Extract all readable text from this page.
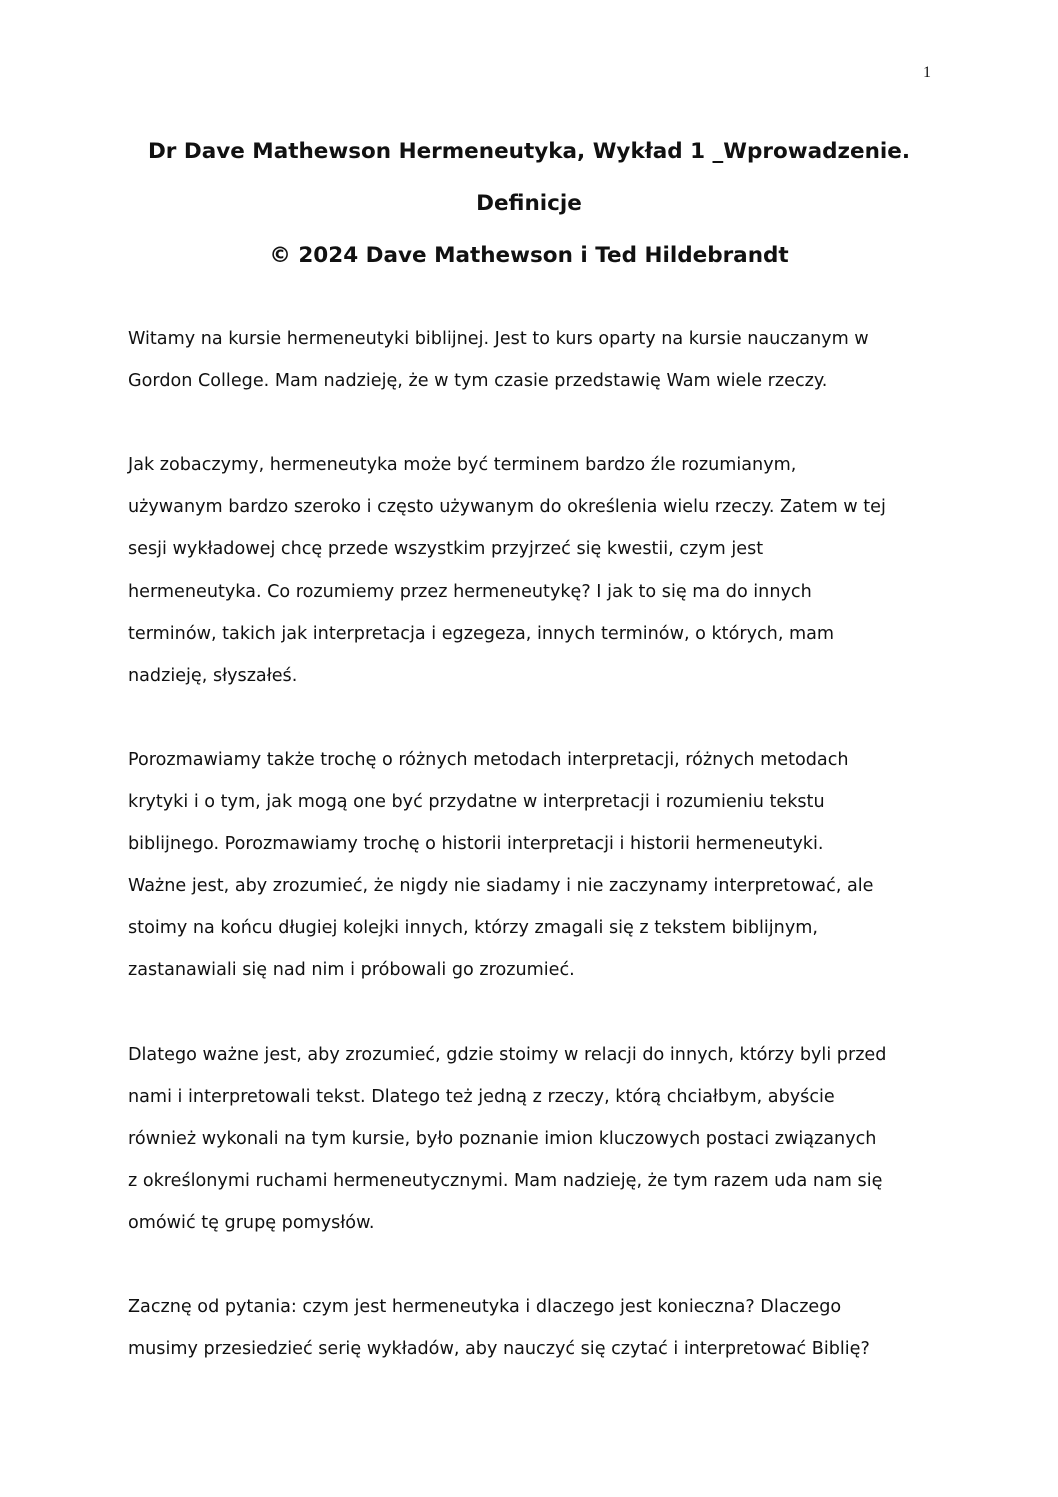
1
Dr Dave Mathewson Hermeneutyka, Wykład 1 _Wprowadzenie.
Definicje
© 2024 Dave Mathewson i Ted Hildebrandt

Witamy na kursie hermeneutyki biblijnej. Jest to kurs oparty na kursie nauczanym w
Gordon College. Mam nadzieję, że w tym czasie przedstawię Wam wiele rzeczy.

Jak zobaczymy, hermeneutyka może być terminem bardzo źle rozumianym,
używanym bardzo szeroko i często używanym do określenia wielu rzeczy. Zatem w tej
sesji wykładowej chcę przede wszystkim przyjrzeć się kwestii, czym jest
hermeneutyka. Co rozumiemy przez hermeneutykę? I jak to się ma do innych
terminów, takich jak interpretacja i egzegeza, innych terminów, o których, mam
nadzieję, słyszałeś.

Porozmawiamy także trochę o różnych metodach interpretacji, różnych metodach
krytyki i o tym, jak mogą one być przydatne w interpretacji i rozumieniu tekstu
biblijnego. Porozmawiamy trochę o historii interpretacji i historii hermeneutyki.
Ważne jest, aby zrozumieć, że nigdy nie siadamy i nie zaczynamy interpretować, ale
stoimy na końcu długiej kolejki innych, którzy zmagali się z tekstem biblijnym,
zastanawiali się nad nim i próbowali go zrozumieć.

Dlatego ważne jest, aby zrozumieć, gdzie stoimy w relacji do innych, którzy byli przed
nami i interpretowali tekst. Dlatego też jedną z rzeczy, którą chciałbym, abyście
również wykonali na tym kursie, było poznanie imion kluczowych postaci związanych
z określonymi ruchami hermeneutycznymi. Mam nadzieję, że tym razem uda nam się
omówić tę grupę pomysłów.

Zacznę od pytania: czym jest hermeneutyka i dlaczego jest konieczna? Dlaczego
musimy przesiedzieć serię wykładów, aby nauczyć się czytać i interpretować Biblię?
